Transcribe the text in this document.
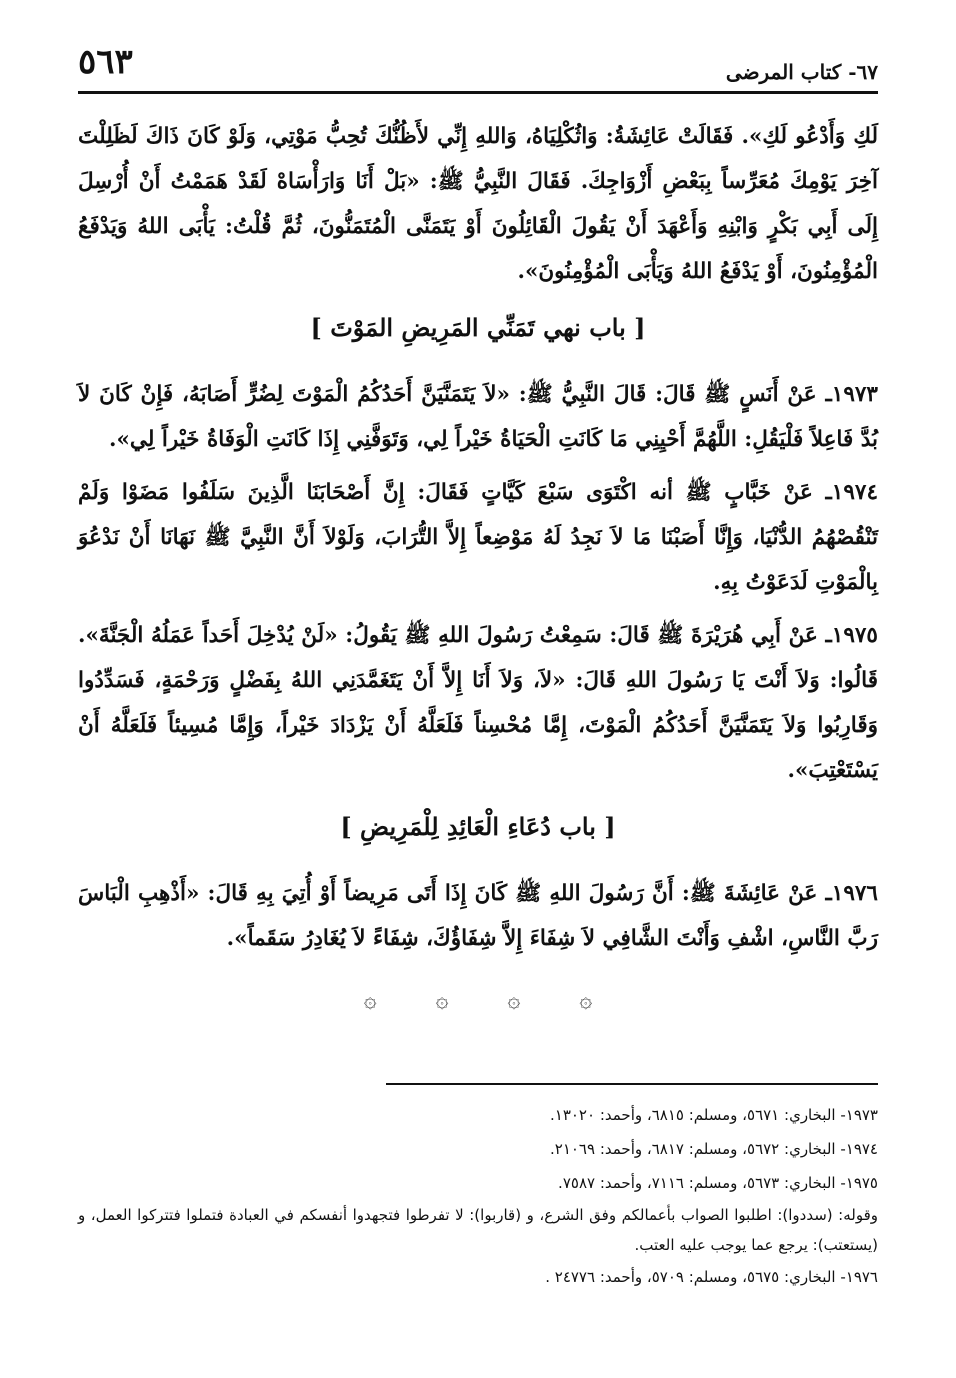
٦٧- كتاب المرضى
٥٦٣

لَكِ وَأَدْعُو لَكِ». فَقَالَتْ عَائِشَةُ: وَاثُكْلِيَاهُ، وَاللهِ إِنِّي لأَظُنُّكَ تُحِبُّ مَوْتِي، وَلَوْ كَانَ ذَاكَ لَظَلِلْتَ آخِرَ يَوْمِكَ مُعَرِّساً بِبَعْضِ أَزْوَاجِكَ. فَقَالَ النَّبِيُّ ﷺ: «بَلْ أَنَا وَارَأْسَاهْ لَقَدْ هَمَمْتُ أَنْ أُرْسِلَ إِلَى أَبِي بَكْرٍ وَابْنِهِ وَأَعْهَدَ أَنْ يَقُولَ الْقَائِلُونَ أَوْ يَتَمَنَّى الْمُتَمَنُّونَ، ثُمَّ قُلْتُ: يَأْبَى اللهُ وَيَدْفَعُ الْمُؤْمِنُونَ، أَوْ يَدْفَعُ اللهُ وَيَأْبَى الْمُؤْمِنُونَ».

[ باب نهي تَمَنِّي المَرِيضِ المَوْتَ ]

١٩٧٣ـ عَنْ أَنَسٍ ﷺ قَالَ: قَالَ النَّبِيُّ ﷺ: «لاَ يَتَمَنَّيَنَّ أَحَدُكُمُ الْمَوْتَ لِضُرٍّ أَصَابَهُ، فَإِنْ كَانَ لاَ بُدَّ فَاعِلاً فَلْيَقُلِ: اللَّهُمَّ أَحْيِنِي مَا كَانَتِ الْحَيَاةُ خَيْراً لِي، وَتَوَفَّنِي إِذَا كَانَتِ الْوَفَاةُ خَيْراً لِي».

١٩٧٤ـ عَنْ خَبَّابٍ ﷺ أنه اكْتَوَى سَبْعَ كَيَّاتٍ فَقَالَ: إِنَّ أَصْحَابَنَا الَّذِينَ سَلَفُوا مَضَوْا وَلَمْ تَنْقُصْهُمُ الدُّنْيَا، وَإِنَّا أَصَبْنَا مَا لاَ نَجِدُ لَهُ مَوْضِعاً إِلاَّ التُّرَابَ، وَلَوْلاَ أَنَّ النَّبِيَّ ﷺ نَهَانَا أَنْ نَدْعُوَ بِالْمَوْتِ لَدَعَوْتُ بِهِ.

١٩٧٥ـ عَنْ أَبِي هُرَيْرَةَ ﷺ قَالَ: سَمِعْتُ رَسُولَ اللهِ ﷺ يَقُولُ: «لَنْ يُدْخِلَ أَحَداً عَمَلُهُ الْجَنَّةَ». قَالُوا: وَلاَ أَنْتَ يَا رَسُولَ اللهِ قَالَ: «لاَ، وَلاَ أَنَا إِلاَّ أَنْ يَتَغَمَّدَنِي اللهُ بِفَضْلٍ وَرَحْمَةٍ، فَسَدِّدُوا وَقَارِبُوا وَلاَ يَتَمَنَّيَنَّ أَحَدُكُمُ الْمَوْتَ، إِمَّا مُحْسِناً فَلَعَلَّهُ أَنْ يَزْدَادَ خَيْراً، وَإِمَّا مُسِيئاً فَلَعَلَّهُ أَنْ يَسْتَعْتِبَ».

[ باب دُعَاءِ الْعَائِدِ لِلْمَرِيضِ ]

١٩٧٦ـ عَنْ عَائِشَةَ ﷺ: أَنَّ رَسُولَ اللهِ ﷺ كَانَ إِذَا أَتَى مَرِيضاً أَوْ أُتِيَ بِهِ قَالَ: «أَذْهِبِ الْبَاسَ رَبَّ النَّاسِ، اشْفِ وَأَنْتَ الشَّافِي لاَ شِفَاءَ إِلاَّ شِفَاؤُكَ، شِفَاءً لاَ يُغَادِرُ سَقَماً».

۞	۞	۞	۞

١٩٧٣- البخاري: ٥٦٧١، ومسلم: ٦٨١٥، وأحمد: ١٣٠٢٠.

١٩٧٤- البخاري: ٥٦٧٢، ومسلم: ٦٨١٧، وأحمد: ٢١٠٦٩.

١٩٧٥- البخاري: ٥٦٧٣، ومسلم: ٧١١٦، وأحمد: ٧٥٨٧.

وقوله: (سددوا): اطلبوا الصواب بأعمالكم وفق الشرع، و (قاربوا): لا تفرطوا فتجهدوا أنفسكم في العبادة فتملوا فتتركوا العمل، و (يستعتب): يرجع عما يوجب عليه العتب.

١٩٧٦- البخاري: ٥٦٧٥، ومسلم: ٥٧٠٩، وأحمد: ٢٤٧٧٦ .
